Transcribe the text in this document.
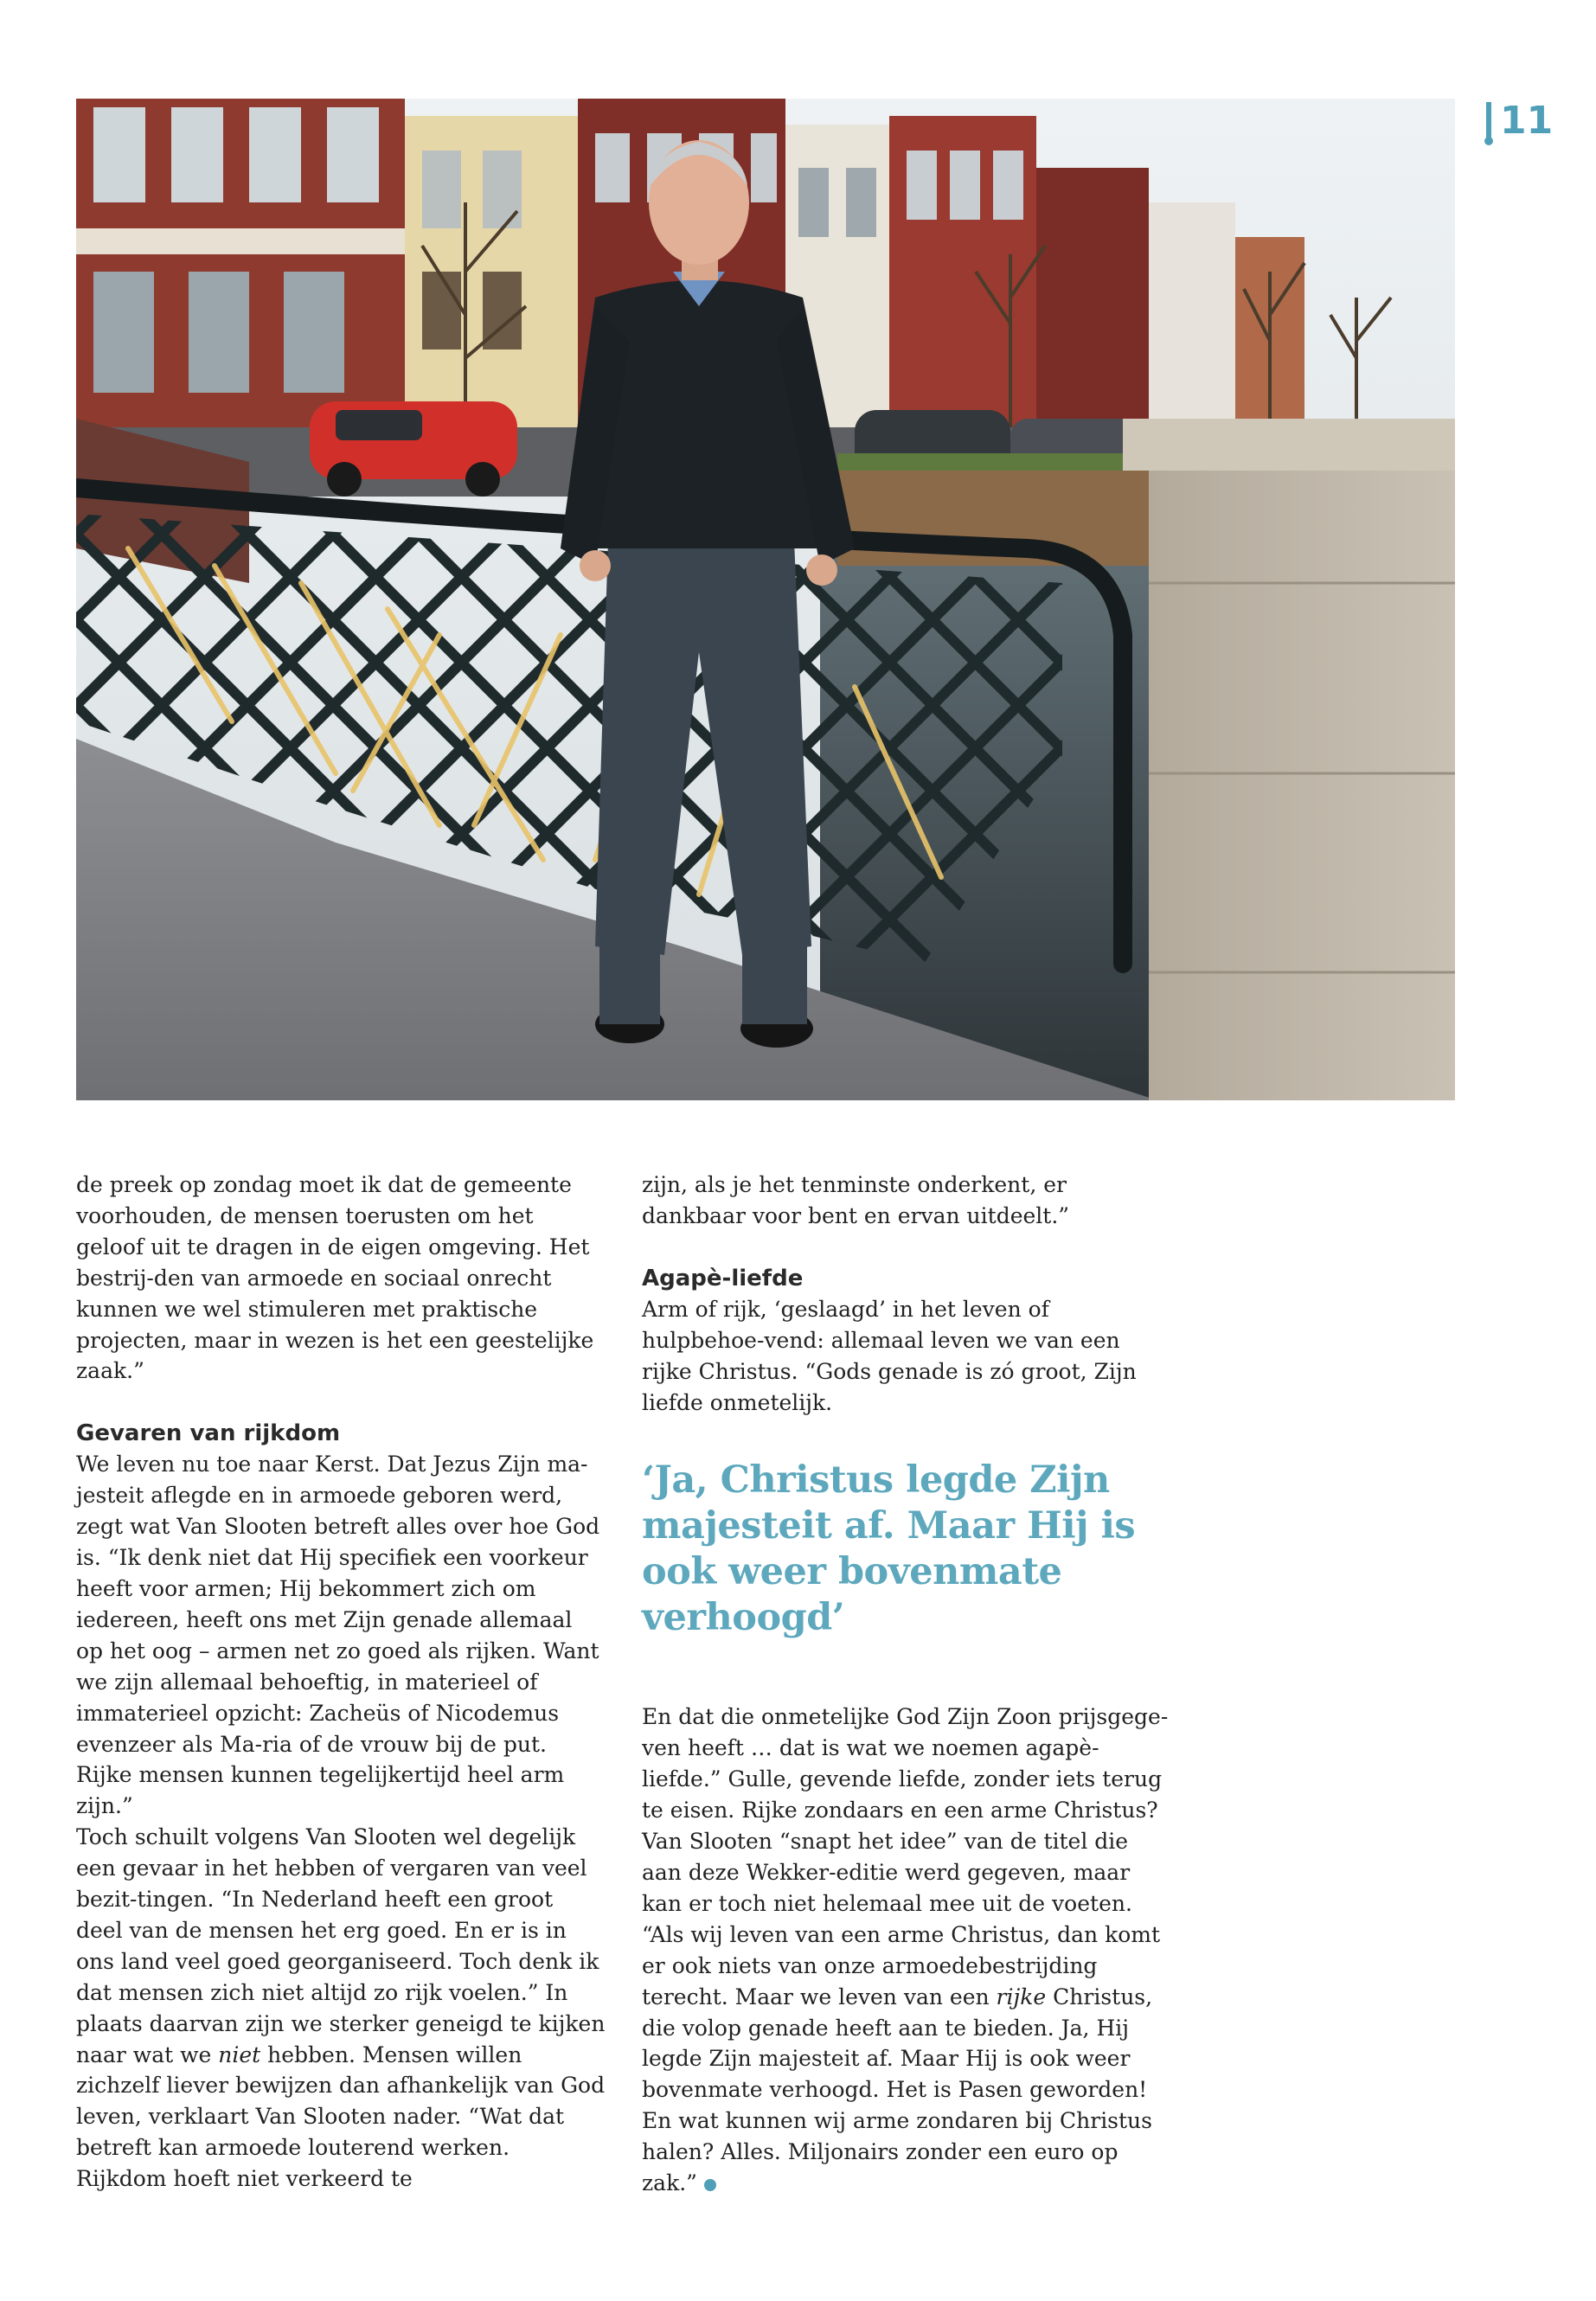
11

de preek op zondag moet ik dat de gemeente voorhouden, de mensen toerusten om het geloof uit te dragen in de eigen omgeving. Het bestrij-den van armoede en sociaal onrecht kunnen we wel stimuleren met praktische projecten, maar in wezen is het een geestelijke zaak.”

Gevaren van rijkdom

We leven nu toe naar Kerst. Dat Jezus Zijn ma-jesteit aflegde en in armoede geboren werd, zegt wat Van Slooten betreft alles over hoe God is. “Ik denk niet dat Hij specifiek een voorkeur heeft voor armen; Hij bekommert zich om iedereen, heeft ons met Zijn genade allemaal op het oog – armen net zo goed als rijken. Want we zijn allemaal behoeftig, in materieel of immaterieel opzicht: Zacheüs of Nicodemus evenzeer als Ma-ria of de vrouw bij de put. Rijke mensen kunnen tegelijkertijd heel arm zijn.”

Toch schuilt volgens Van Slooten wel degelijk een gevaar in het hebben of vergaren van veel bezit-tingen. “In Nederland heeft een groot deel van de mensen het erg goed. En er is in ons land veel goed georganiseerd. Toch denk ik dat mensen zich niet altijd zo rijk voelen.” In plaats daarvan zijn we sterker geneigd te kijken naar wat we niet hebben. Mensen willen zichzelf liever bewijzen dan afhankelijk van God leven, verklaart Van Slooten nader. “Wat dat betreft kan armoede louterend werken. Rijkdom hoeft niet verkeerd te

zijn, als je het tenminste onderkent, er dankbaar voor bent en ervan uitdeelt.”

Agapè-liefde

Arm of rijk, ‘geslaagd’ in het leven of hulpbehoe-vend: allemaal leven we van een rijke Christus. “Gods genade is zó groot, Zijn liefde onmetelijk.

‘Ja, Christus legde Zijn majesteit af. Maar Hij is ook weer bovenmate verhoogd’

En dat die onmetelijke God Zijn Zoon prijsgege-ven heeft … dat is wat we noemen agapè-liefde.” Gulle, gevende liefde, zonder iets terug te eisen. Rijke zondaars en een arme Christus? Van Slooten “snapt het idee” van de titel die aan deze Wekker-editie werd gegeven, maar kan er toch niet helemaal mee uit de voeten. “Als wij leven van een arme Christus, dan komt er ook niets van onze armoedebestrijding terecht. Maar we leven van een rijke Christus, die volop genade heeft aan te bieden. Ja, Hij legde Zijn majesteit af. Maar Hij is ook weer bovenmate verhoogd. Het is Pasen geworden! En wat kunnen wij arme zondaren bij Christus halen? Alles. Miljonairs zonder een euro op zak.”
